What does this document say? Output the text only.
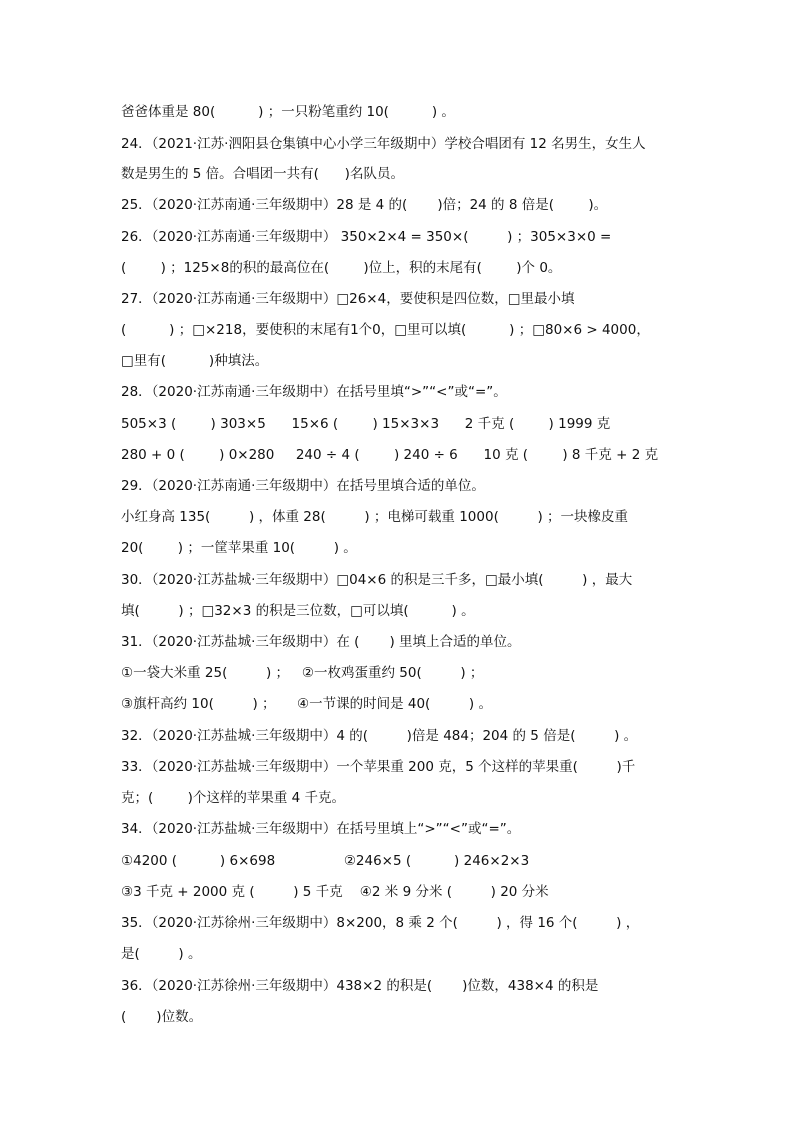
爸爸体重是 80(          ) ；一只粉笔重约 10(          ) 。
24．（2021·江苏·泗阳县仓集镇中心小学三年级期中）学校合唱团有 12 名男生，女生人
数是男生的 5 倍。合唱团一共有(      )名队员。
25．（2020·江苏南通·三年级期中）28 是 4 的(       )倍；24 的 8 倍是(        )。
26．（2020·江苏南通·三年级期中） 350×2×4 = 350×(         ) ；305×3×0 =
(        ) ；125×8的积的最高位在(        )位上，积的末尾有(        )个 0。
27．（2020·江苏南通·三年级期中）□26×4，要使积是四位数，□里最小填
(          ) ；□×218，要使积的末尾有1个0，□里可以填(          ) ；□80×6 > 4000，
□里有(          )种填法。
28．（2020·江苏南通·三年级期中）在括号里填“>”“<”或“=”。
505×3 (        ) 303×5      15×6 (        ) 15×3×3      2 千克 (        ) 1999 克
280 + 0 (        ) 0×280     240 ÷ 4 (        ) 240 ÷ 6      10 克 (        ) 8 千克 + 2 克
29．（2020·江苏南通·三年级期中）在括号里填合适的单位。
小红身高 135(         ) ，体重 28(         ) ；电梯可载重 1000(         ) ；一块橡皮重
20(        ) ；一筐苹果重 10(         ) 。
30．（2020·江苏盐城·三年级期中）□04×6 的积是三千多，□最小填(         ) ，最大
填(         ) ；□32×3 的积是三位数，□可以填(          ) 。
31．（2020·江苏盐城·三年级期中）在 (       ) 里填上合适的单位。
①一袋大米重 25(         ) ；   ②一枚鸡蛋重约 50(         ) ；
③旗杆高约 10(         ) ；     ④一节课的时间是 40(         ) 。
32．（2020·江苏盐城·三年级期中）4 的(         )倍是 484；204 的 5 倍是(         ) 。
33．（2020·江苏盐城·三年级期中）一个苹果重 200 克，5 个这样的苹果重(         )千
克；(        )个这样的苹果重 4 千克。
34．（2020·江苏盐城·三年级期中）在括号里填上“>”“<”或“=”。
①4200 (          ) 6×698                ②246×5 (          ) 246×2×3
③3 千克 + 2000 克 (         ) 5 千克    ④2 米 9 分米 (         ) 20 分米
35．（2020·江苏徐州·三年级期中）8×200，8 乘 2 个(         ) ，得 16 个(         ) ，
是(         ) 。
36．（2020·江苏徐州·三年级期中）438×2 的积是(       )位数，438×4 的积是
(       )位数。
